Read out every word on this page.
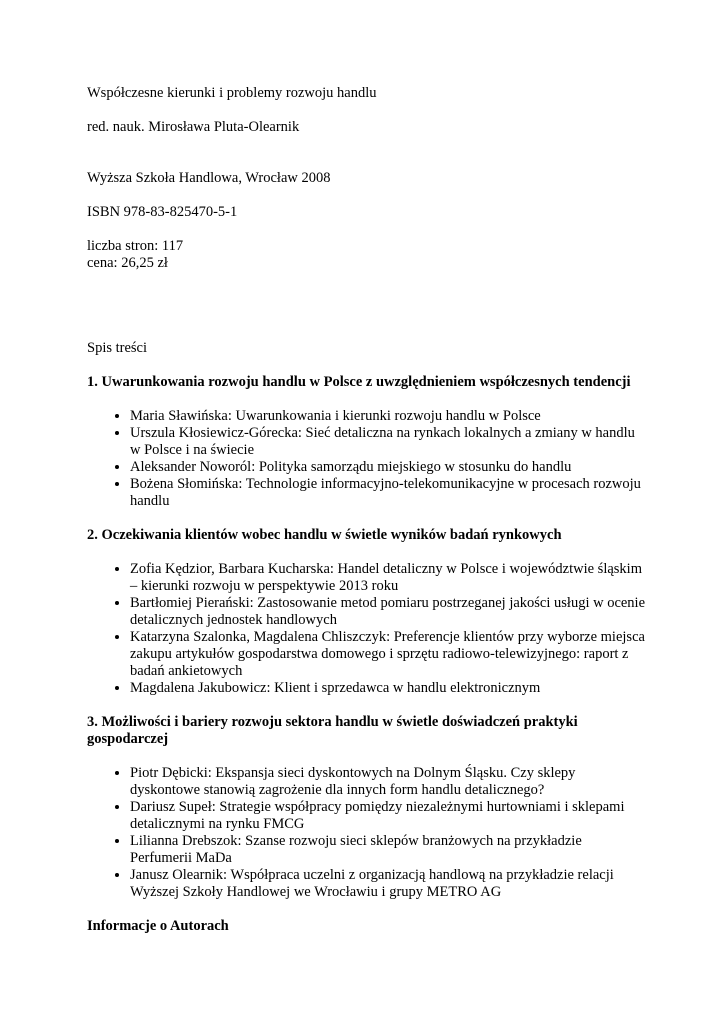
Współczesne kierunki i problemy rozwoju handlu

red. nauk. Mirosława Pluta-Olearnik

Wyższa Szkoła Handlowa, Wrocław 2008

ISBN 978-83-825470-5-1

liczba stron: 117

cena: 26,25 zł

Spis treści

1. Uwarunkowania rozwoju handlu w Polsce z uwzględnieniem współczesnych tendencji

• Maria Sławińska: Uwarunkowania i kierunki rozwoju handlu w Polsce
• Urszula Kłosiewicz-Górecka: Sieć detaliczna na rynkach lokalnych a zmiany w handlu w Polsce i na świecie
• Aleksander Noworól: Polityka samorządu miejskiego w stosunku do handlu
• Bożena Słomińska: Technologie informacyjno-telekomunikacyjne w procesach rozwoju handlu

2. Oczekiwania klientów wobec handlu w świetle wyników badań rynkowych

• Zofia Kędzior, Barbara Kucharska: Handel detaliczny w Polsce i województwie śląskim – kierunki rozwoju w perspektywie 2013 roku
• Bartłomiej Pierański: Zastosowanie metod pomiaru postrzeganej jakości usługi w ocenie detalicznych jednostek handlowych
• Katarzyna Szalonka, Magdalena Chliszczyk: Preferencje klientów przy wyborze miejsca zakupu artykułów gospodarstwa domowego i sprzętu radiowo-telewizyjnego: raport z badań ankietowych
• Magdalena Jakubowicz: Klient i sprzedawca w handlu elektronicznym

3. Możliwości i bariery rozwoju sektora handlu w świetle doświadczeń praktyki gospodarczej

• Piotr Dębicki: Ekspansja sieci dyskontowych na Dolnym Śląsku. Czy sklepy dyskontowe stanowią zagrożenie dla innych form handlu detalicznego?
• Dariusz Supeł: Strategie współpracy pomiędzy niezależnymi hurtowniami i sklepami detalicznymi na rynku FMCG
• Lilianna Drebszok: Szanse rozwoju sieci sklepów branżowych na przykładzie Perfumerii MaDa
• Janusz Olearnik: Współpraca uczelni z organizacją handlową na przykładzie relacji Wyższej Szkoły Handlowej we Wrocławiu i grupy METRO AG

Informacje o Autorach
